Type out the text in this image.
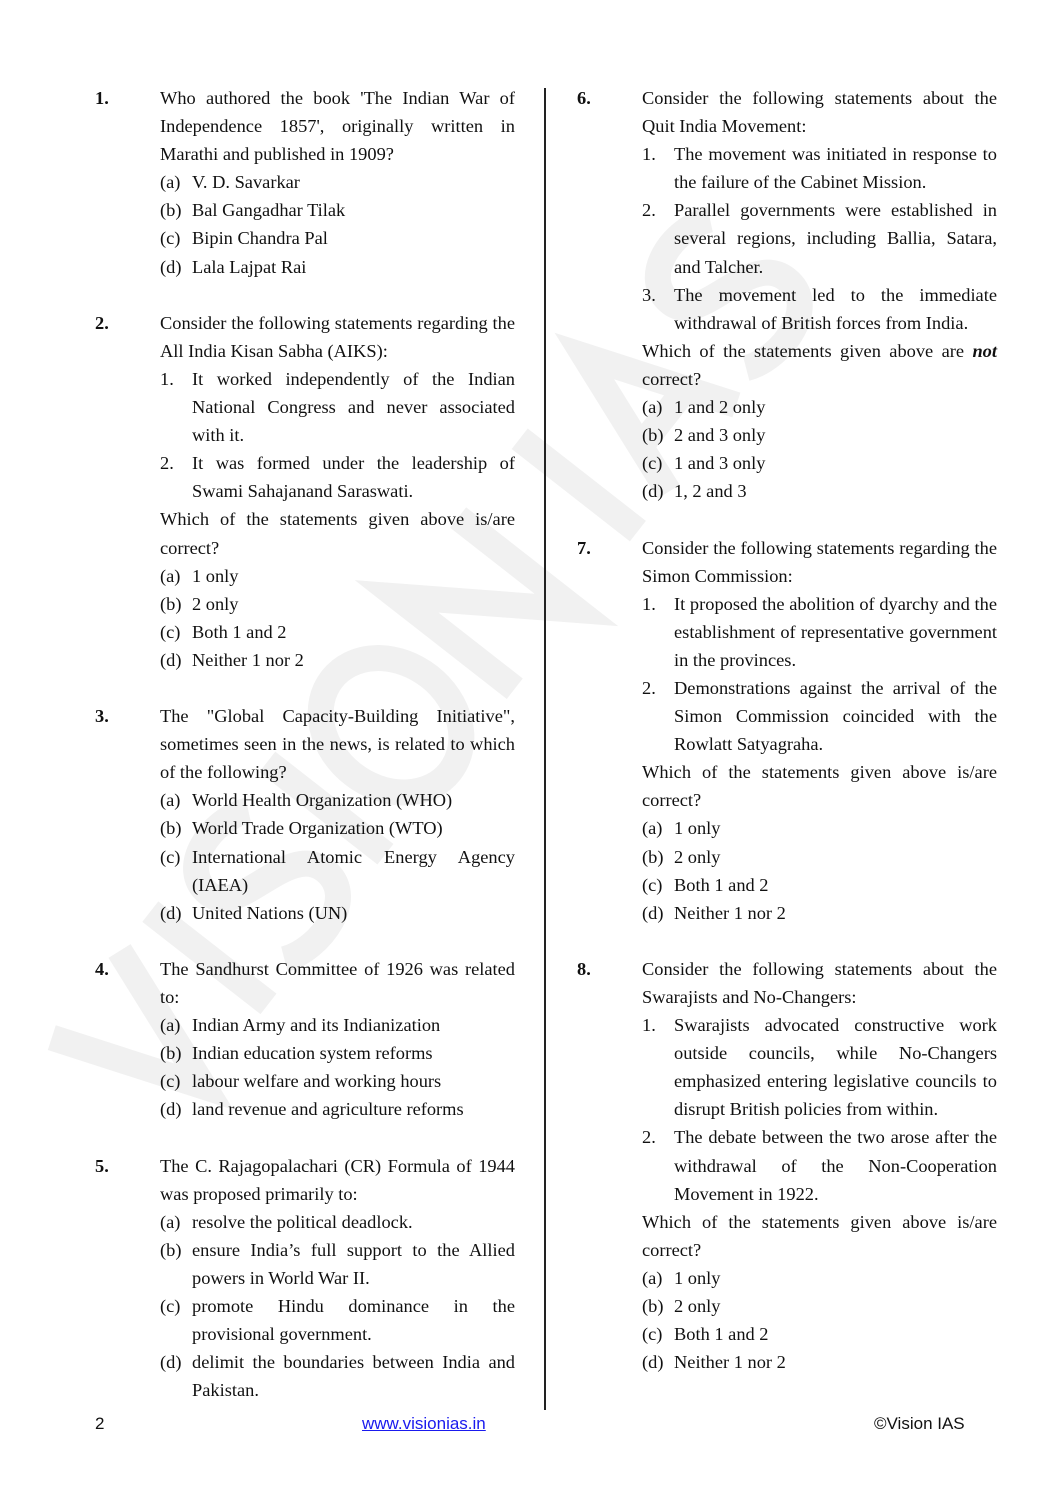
1.	Who authored the book 'The Indian War of Independence 1857', originally written in Marathi and published in 1909?
(a) V. D. Savarkar
(b) Bal Gangadhar Tilak
(c) Bipin Chandra Pal
(d) Lala Lajpat Rai
2.	Consider the following statements regarding the All India Kisan Sabha (AIKS):
1. It worked independently of the Indian National Congress and never associated with it.
2. It was formed under the leadership of Swami Sahajanand Saraswati.
Which of the statements given above is/are correct?
(a) 1 only
(b) 2 only
(c) Both 1 and 2
(d) Neither 1 nor 2
3.	The "Global Capacity-Building Initiative", sometimes seen in the news, is related to which of the following?
(a) World Health Organization (WHO)
(b) World Trade Organization (WTO)
(c) International Atomic Energy Agency (IAEA)
(d) United Nations (UN)
4.	The Sandhurst Committee of 1926 was related to:
(a) Indian Army and its Indianization
(b) Indian education system reforms
(c) labour welfare and working hours
(d) land revenue and agriculture reforms
5.	The C. Rajagopalachari (CR) Formula of 1944 was proposed primarily to:
(a) resolve the political deadlock.
(b) ensure India’s full support to the Allied powers in World War II.
(c) promote Hindu dominance in the provisional government.
(d) delimit the boundaries between India and Pakistan.
6.	Consider the following statements about the Quit India Movement:
1. The movement was initiated in response to the failure of the Cabinet Mission.
2. Parallel governments were established in several regions, including Ballia, Satara, and Talcher.
3. The movement led to the immediate withdrawal of British forces from India.
Which of the statements given above are not correct?
(a) 1 and 2 only
(b) 2 and 3 only
(c) 1 and 3 only
(d) 1, 2 and 3
7.	Consider the following statements regarding the Simon Commission:
1. It proposed the abolition of dyarchy and the establishment of representative government in the provinces.
2. Demonstrations against the arrival of the Simon Commission coincided with the Rowlatt Satyagraha.
Which of the statements given above is/are correct?
(a) 1 only
(b) 2 only
(c) Both 1 and 2
(d) Neither 1 nor 2
8.	Consider the following statements about the Swarajists and No-Changers:
1. Swarajists advocated constructive work outside councils, while No-Changers emphasized entering legislative councils to disrupt British policies from within.
2. The debate between the two arose after the withdrawal of the Non-Cooperation Movement in 1922.
Which of the statements given above is/are correct?
(a) 1 only
(b) 2 only
(c) Both 1 and 2
(d) Neither 1 nor 2
2	www.visionias.in	©Vision IAS
